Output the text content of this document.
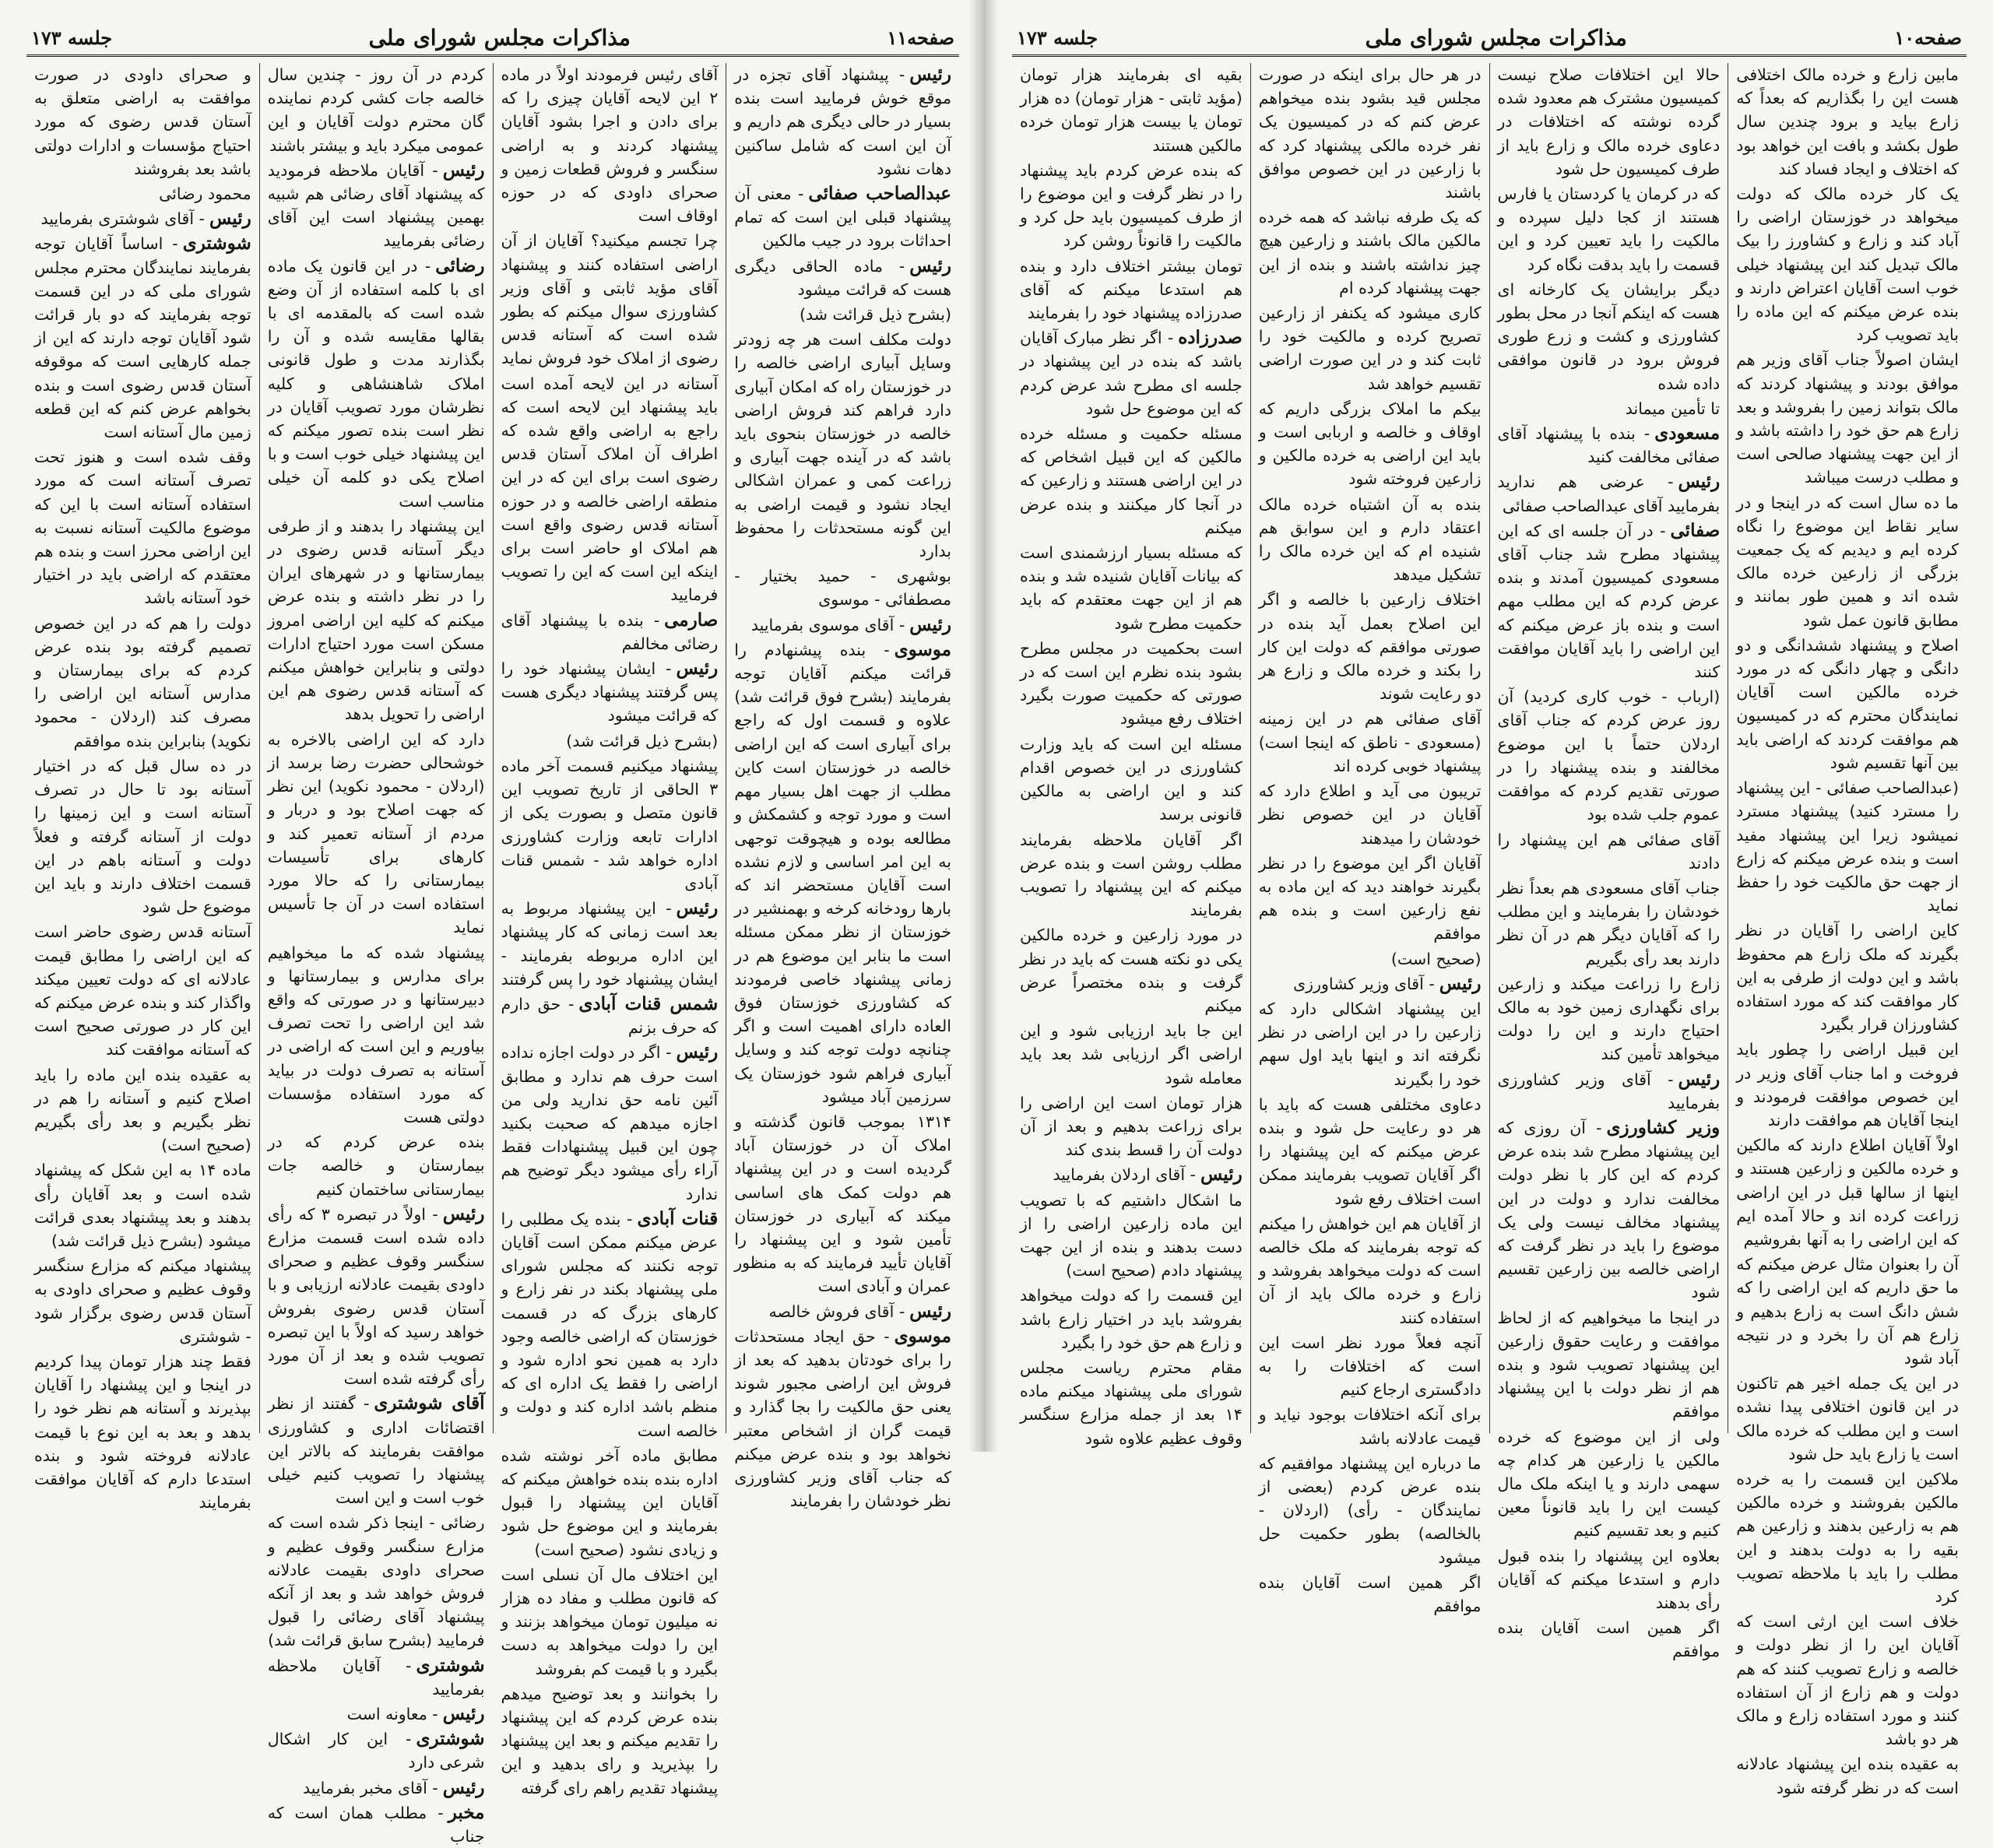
صفحه۱۱
مذاکرات مجلس شورای ملی
جلسه ۱۷۳

رئیس- پیشنهاد آقای تجزه در موقع خوش فرمایید است بنده بسیار در حالی دیگری هم داریم و آن این است که شامل ساکنین دهات نشود

عبدالصاحب صفائی- معنی آن پیشنهاد قبلی این است که تمام احداثات برود در جیب مالکین

رئیس- ماده الحاقی دیگری هست که قرائت میشود

(بشرح ذیل قرائت شد)

دولت مکلف است هر چه زودتر وسایل آبیاری اراضی خالصه را در خوزستان راه که امکان آبیاری دارد فراهم کند فروش اراضی خالصه در خوزستان بنحوی باید باشد که در آینده جهت آبیاری و زراعت کمی و عمران اشکالی ایجاد نشود و قیمت اراضی به این گونه مستحدثات را محفوظ بدارد

بوشهری - حمید بختیار - مصطفائی - موسوی

رئیس- آقای موسوی بفرمایید

موسوی- بنده پیشنهادم را قرائت میکنم آقایان توجه بفرمایند (بشرح فوق قرائت شد) علاوه و قسمت اول که راجع برای آبیاری است که این اراضی خالصه در خوزستان است کاین مطلب از جهت اهل بسیار مهم است و مورد توجه و کشمکش و مطالعه بوده و هیچوقت توجهی به این امر اساسی و لازم نشده است آقایان مستحضر اند که بارها رودخانه کرخه و بهمنشیر در خوزستان از نظر ممکن مسئله است ما بنابر این موضوع هم در زمانی پیشنهاد خاصی فرمودند که کشاورزی خوزستان فوق العاده دارای اهمیت است و اگر چنانچه دولت توجه کند و وسایل آبیاری فراهم شود خوزستان یک سرزمین آباد میشود

۱۳۱۴ بموجب قانون گذشته و املاک آن در خوزستان آباد گردیده است و در این پیشنهاد هم دولت کمک های اساسی میکند که آبیاری در خوزستان تأمین شود و این پیشنهاد را آقایان تأیید فرمایند که به منظور عمران و آبادی است

رئیس- آقای فروش خالصه

موسوی- حق ایجاد مستحدثات را برای خودتان بدهید که بعد از فروش این اراضی مجبور شوند یعنی حق مالکیت را بجا گذارد و قیمت گران از اشخاص معتبر نخواهد بود و بنده عرض میکنم که جناب آقای وزیر کشاورزی نظر خودشان را بفرمایند

آقای رئیس فرمودند اولاً در ماده ۲ این لایحه آقایان چیزی را که برای دادن و اجرا بشود آقایان پیشنهاد کردند و به اراضی سنگسر و فروش قطعات زمین و صحرای داودی که در حوزه اوقاف است

چرا تجسم میکنید؟ آقایان از آن اراضی استفاده کنند و پیشنهاد آقای مؤید ثابتی و آقای وزیر کشاورزی سوال میکنم که بطور شده است که آستانه قدس رضوی از املاک خود فروش نماید

آستانه در این لایحه آمده است باید پیشنهاد این لایحه است که راجع به اراضی واقع شده که اطراف آن املاک آستان قدس رضوی است برای این که در این منطقه اراضی خالصه و در حوزه آستانه قدس رضوی واقع است هم املاک او حاضر است برای اینکه این است که این را تصویب فرمایید

صارمی- بنده با پیشنهاد آقای رضائی مخالفم

رئیس- ایشان پیشنهاد خود را پس گرفتند پیشنهاد دیگری هست که قرائت میشود

(بشرح ذیل قرائت شد)

پیشنهاد میکنیم قسمت آخر ماده ۳ الحاقی از تاریخ تصویب این قانون متصل و بصورت یکی از ادارات تابعه وزارت کشاورزی اداره خواهد شد - شمس قنات آبادی

رئیس- این پیشنهاد مربوط به بعد است زمانی که کار پیشنهاد این اداره مربوطه بفرمایند - ایشان پیشنهاد خود را پس گرفتند

شمس قنات آبادی- حق دارم که حرف بزنم

رئیس- اگر در دولت اجازه نداده است حرف هم ندارد و مطابق آئین نامه حق ندارید ولی من اجازه میدهم که صحبت بکنید چون این قبیل پیشنهادات فقط آراء رأی میشود دیگر توضیح هم ندارد

قنات آبادی- بنده یک مطلبی را عرض میکنم ممکن است آقایان توجه نکنند که مجلس شورای ملی پیشنهاد بکند در نفر زارع و کارهای بزرگ که در قسمت خوزستان که اراضی خالصه وجود دارد به همین نحو اداره شود و اراضی را فقط یک اداره ای که منظم باشد اداره کند و دولت و خالصه است

مطابق ماده آخر نوشته شده اداره بنده بنده خواهش میکنم که آقایان این پیشنهاد را قبول بفرمایند و این موضوع حل شود و زیادی نشود (صحیح است)

این اختلاف مال آن نسلی است که قانون مطلب و مفاد ده هزار نه میلیون تومان میخواهد بزنند و این را دولت میخواهد به دست بگیرد و با قیمت کم بفروشد

را بخوانند و بعد توضیح میدهم بنده عرض کردم که این پیشنهاد را تقدیم میکنم و بعد این پیشنهاد را بپذیرید و رای بدهید و این پیشنهاد تقدیم راهم رای گرفته

کردم در آن روز - چندین سال خالصه جات کشی کردم نماینده گان محترم دولت آقایان و این عمومی میکرد باید و بیشتر باشند

رئیس- آقایان ملاحظه فرمودید که پیشنهاد آقای رضائی هم شبیه بهمین پیشنهاد است این آقای رضائی بفرمایید

رضائی- در این قانون یک ماده ای با کلمه استفاده از آن وضع شده است که بالمقدمه ای با بقالها مقایسه شده و آن را بگذارند مدت و طول قانونی املاک شاهنشاهی و کلیه نظرشان مورد تصویب آقایان در نظر است بنده تصور میکنم که این پیشنهاد خیلی خوب است و با اصلاح یکی دو کلمه آن خیلی مناسب است

این پیشنهاد را بدهند و از طرفی دیگر آستانه قدس رضوی در بیمارستانها و در شهرهای ایران را در نظر داشته و بنده عرض میکنم که کلیه این اراضی امروز مسکن است مورد احتیاج ادارات دولتی و بنابراین خواهش میکنم که آستانه قدس رضوی هم این اراضی را تحویل بدهد

دارد که این اراضی بالاخره به خوشحالی حضرت رضا برسد از (اردلان - محمود نکوید) این نظر که جهت اصلاح بود و دربار و مردم از آستانه تعمیر کند و کارهای برای تأسیسات بیمارستانی را که حالا مورد استفاده است در آن جا تأسیس نماید

پیشنهاد شده که ما میخواهیم برای مدارس و بیمارستانها و دبیرستانها و در صورتی که واقع شد این اراضی را تحت تصرف بیاوریم و این است که اراضی در آستانه به تصرف دولت در بیاید که مورد استفاده مؤسسات دولتی هست

بنده عرض کردم که در بیمارستان و خالصه جات بیمارستانی ساختمان کنیم

رئیس- اولاً در تبصره ۳ که رأی داده شده است قسمت مزارع سنگسر وقوف عظیم و صحرای داودی بقیمت عادلانه ارزیابی و با آستان قدس رضوی بفروش خواهد رسید که اولاً با این تبصره تصویب شده و بعد از آن مورد رأی گرفته شده است

آقای شوشتری- گفتند از نظر اقتضائات اداری و کشاورزی موافقت بفرمایند که بالاتر این پیشنهاد را تصویب کنیم خیلی خوب است و این است

رضائی - اینجا ذکر شده است که مزارع سنگسر وقوف عظیم و صحرای داودی بقیمت عادلانه فروش خواهد شد و بعد از آنکه پیشنهاد آقای رضائی را قبول فرمایید (بشرح سابق قرائت شد)

شوشتری- آقایان ملاحظه بفرمایید

رئیس- معاونه است

شوشتری- این کار اشکال شرعی دارد

رئیس- آقای مخبر بفرمایید

مخبر- مطلب همان است که جناب

و صحرای داودی در صورت موافقت به اراضی متعلق به آستان قدس رضوی که مورد احتیاج مؤسسات و ادارات دولتی باشد بعد بفروشند

محمود رضائی

رئیس- آقای شوشتری بفرمایید

شوشتری- اساساً آقایان توجه بفرمایند نمایندگان محترم مجلس شورای ملی که در این قسمت توجه بفرمایند که دو بار قرائت شود آقایان توجه دارند که این از جمله کارهایی است که موقوفه آستان قدس رضوی است و بنده بخواهم عرض کنم که این قطعه زمین مال آستانه است

وقف شده است و هنوز تحت تصرف آستانه است که مورد استفاده آستانه است با این که موضوع مالکیت آستانه نسبت به این اراضی محرز است و بنده هم معتقدم که اراضی باید در اختیار خود آستانه باشد

دولت را هم که در این خصوص تصمیم گرفته بود بنده عرض کردم که برای بیمارستان و مدارس آستانه این اراضی را مصرف کند (اردلان - محمود نکوید) بنابراین بنده موافقم

در ده سال قبل که در اختیار آستانه بود تا حال در تصرف آستانه است و این زمینها را دولت از آستانه گرفته و فعلاً دولت و آستانه باهم در این قسمت اختلاف دارند و باید این موضوع حل شود

آستانه قدس رضوی حاضر است که این اراضی را مطابق قیمت عادلانه ای که دولت تعیین میکند واگذار کند و بنده عرض میکنم که این کار در صورتی صحیح است که آستانه موافقت کند

به عقیده بنده این ماده را باید اصلاح کنیم و آستانه را هم در نظر بگیریم و بعد رأی بگیریم (صحیح است)

ماده ۱۴ به این شکل که پیشنهاد شده است و بعد آقایان رأی بدهند و بعد پیشنهاد بعدی قرائت میشود (بشرح ذیل قرائت شد)

پیشنهاد میکنم که مزارع سنگسر وقوف عظیم و صحرای داودی به آستان قدس رضوی برگزار شود - شوشتری

فقط چند هزار تومان پیدا کردیم در اینجا و این پیشنهاد را آقایان بپذیرند و آستانه هم نظر خود را بدهد و بعد به این نوع با قیمت عادلانه فروخته شود و بنده استدعا دارم که آقایان موافقت بفرمایند

صفحه۱۰
مذاکرات مجلس شورای ملی
جلسه ۱۷۳

مابین زارع و خرده مالک اختلافی هست این را بگذاریم که بعداً که زارع بیاید و برود چندین سال طول بکشد و بافت این خواهد بود که اختلاف و ایجاد فساد کند

یک کار خرده مالک که دولت میخواهد در خوزستان اراضی را آباد کند و زارع و کشاورز را بیک مالک تبدیل کند این پیشنهاد خیلی خوب است آقایان اعتراض دارند و بنده عرض میکنم که این ماده را باید تصویب کرد

ایشان اصولاً جناب آقای وزیر هم موافق بودند و پیشنهاد کردند که مالک بتواند زمین را بفروشد و بعد زارع هم حق خود را داشته باشد و از این جهت پیشنهاد صالحی است و مطلب درست میباشد

ما ده سال است که در اینجا و در سایر نقاط این موضوع را نگاه کرده ایم و دیدیم که یک جمعیت بزرگی از زارعین خرده مالک شده اند و همین طور بمانند و مطابق قانون عمل شود

اصلاح و پیشنهاد ششدانگی و دو دانگی و چهار دانگی که در مورد خرده مالکین است آقایان نمایندگان محترم که در کمیسیون هم موافقت کردند که اراضی باید بین آنها تقسیم شود

(عبدالصاحب صفائی - این پیشنهاد را مسترد کنید) پیشنهاد مسترد نمیشود زیرا این پیشنهاد مفید است و بنده عرض میکنم که زارع از جهت حق مالکیت خود را حفظ نماید

کاین اراضی را آقایان در نظر بگیرند که ملک زارع هم محفوظ باشد و این دولت از طرفی به این کار موافقت کند که مورد استفاده کشاورزان قرار بگیرد

این قبیل اراضی را چطور باید فروخت و اما جناب آقای وزیر در این خصوص موافقت فرمودند و اینجا آقایان هم موافقت دارند

اولاً آقایان اطلاع دارند که مالکین و خرده مالکین و زارعین هستند و اینها از سالها قبل در این اراضی زراعت کرده اند و حالا آمده ایم که این اراضی را به آنها بفروشیم

آن را بعنوان مثال عرض میکنم که ما حق داریم که این اراضی را که شش دانگ است به زارع بدهیم و زارع هم آن را بخرد و در نتیجه آباد شود

در این یک جمله اخیر هم تاکنون در این قانون اختلافی پیدا نشده است و این مطلب که خرده مالک است یا زارع باید حل شود

ملاکین این قسمت را به خرده مالکین بفروشند و خرده مالکین هم به زارعین بدهند و زارعین هم بقیه را به دولت بدهند و این مطلب را باید با ملاحظه تصویب کرد

خلاف است این ارثی است که آقایان این را از نظر دولت و خالصه و زارع تصویب کنند که هم دولت و هم زارع از آن استفاده کنند و مورد استفاده زارع و مالک هر دو باشد

به عقیده بنده این پیشنهاد عادلانه است که در نظر گرفته شود

حالا این اختلافات صلاح نیست کمیسیون مشترک هم معدود شده گرده نوشته که اختلافات در دعاوی خرده مالک و زارع باید از طرف کمیسیون حل شود

که در کرمان یا کردستان یا فارس هستند از کجا دلیل سپرده و مالکیت را باید تعیین کرد و این قسمت را باید بدقت نگاه کرد

دیگر برایشان یک کارخانه ای هست که اینکم آنجا در محل بطور کشاورزی و کشت و زرع طوری فروش برود در قانون موافقی داده شده

تا تأمین میماند

مسعودی- بنده با پیشنهاد آقای صفائی مخالفت کنید

رئیس- عرضی هم ندارید بفرمایید آقای عبدالصاحب صفائی

صفائی- در آن جلسه ای که این پیشنهاد مطرح شد جناب آقای مسعودی کمیسیون آمدند و بنده عرض کردم که این مطلب مهم است و بنده باز عرض میکنم که این اراضی را باید آقایان موافقت کنند

(ارباب - خوب کاری کردید) آن روز عرض کردم که جناب آقای اردلان حتماً با این موضوع مخالفند و بنده پیشنهاد را در صورتی تقدیم کردم که موافقت عموم جلب شده بود

آقای صفائی هم این پیشنهاد را دادند

جناب آقای مسعودی هم بعداً نظر خودشان را بفرمایند و این مطلب را که آقایان دیگر هم در آن نظر دارند بعد رأی بگیریم

زارع را زراعت میکند و زارعین برای نگهداری زمین خود به مالک احتیاج دارند و این را دولت میخواهد تأمین کند

رئیس- آقای وزیر کشاورزی بفرمایید

وزیر کشاورزی- آن روزی که این پیشنهاد مطرح شد بنده عرض کردم که این کار با نظر دولت مخالفت ندارد و دولت در این پیشنهاد مخالف نیست ولی یک موضوع را باید در نظر گرفت که اراضی خالصه بین زارعین تقسیم شود

در اینجا ما میخواهیم که از لحاظ موافقت و رعایت حقوق زارعین این پیشنهاد تصویب شود و بنده هم از نظر دولت با این پیشنهاد موافقم

ولی از این موضوع که خرده مالکین یا زارعین هر کدام چه سهمی دارند و یا اینکه ملک مال کیست این را باید قانوناً معین کنیم و بعد تقسیم کنیم

بعلاوه این پیشنهاد را بنده قبول دارم و استدعا میکنم که آقایان رأی بدهند

اگر همین است آقایان بنده موافقم

در هر حال برای اینکه در صورت مجلس قید بشود بنده میخواهم عرض کنم که در کمیسیون یک نفر خرده مالکی پیشنهاد کرد که با زارعین در این خصوص موافق باشند

که یک طرفه نباشد که همه خرده مالکین مالک باشند و زارعین هیچ چیز نداشته باشند و بنده از این جهت پیشنهاد کرده ام

کاری میشود که یکنفر از زارعین تصریح کرده و مالکیت خود را ثابت کند و در این صورت اراضی تقسیم خواهد شد

بیکم ما املاک بزرگی داریم که اوقاف و خالصه و اربابی است و باید این اراضی به خرده مالکین و زارعین فروخته شود

بنده به آن اشتباه خرده مالک اعتقاد دارم و این سوابق هم شنیده ام که این خرده مالک را تشکیل میدهد

اختلاف زارعین با خالصه و اگر این اصلاح بعمل آید بنده در صورتی موافقم که دولت این کار را بکند و خرده مالک و زارع هر دو رعایت شوند

آقای صفائی هم در این زمینه (مسعودی - ناطق که اینجا است) پیشنهاد خوبی کرده اند

تریبون می آید و اطلاع دارد که آقایان در این خصوص نظر خودشان را میدهند

آقایان اگر این موضوع را در نظر بگیرند خواهند دید که این ماده به نفع زارعین است و بنده هم موافقم

(صحیح است)

رئیس- آقای وزیر کشاورزی

این پیشنهاد اشکالی دارد که زارعین را در این اراضی در نظر نگرفته اند و اینها باید اول سهم خود را بگیرند

دعاوی مختلفی هست که باید با هر دو رعایت حل شود و بنده عرض میکنم که این پیشنهاد را اگر آقایان تصویب بفرمایند ممکن است اختلاف رفع شود

از آقایان هم این خواهش را میکنم که توجه بفرمایند که ملک خالصه است که دولت میخواهد بفروشد و زارع و خرده مالک باید از آن استفاده کنند

آنچه فعلاً مورد نظر است این است که اختلافات را به دادگستری ارجاع کنیم

برای آنکه اختلافات بوجود نیاید و قیمت عادلانه باشد

ما درباره این پیشنهاد موافقیم که بنده عرض کردم (بعضی از نمایندگان - رأی) (اردلان - بالخالصه) بطور حکمیت حل میشود

اگر همین است آقایان بنده موافقم

بقیه ای بفرمایند هزار تومان (مؤید ثابتی - هزار تومان) ده هزار تومان یا بیست هزار تومان خرده مالکین هستند

که بنده عرض کردم باید پیشنهاد را در نظر گرفت و این موضوع را از طرف کمیسیون باید حل کرد و مالکیت را قانوناً روشن کرد

تومان بیشتر اختلاف دارد و بنده هم استدعا میکنم که آقای صدرزاده پیشنهاد خود را بفرمایند

صدرزاده- اگر نظر مبارک آقایان باشد که بنده در این پیشنهاد در جلسه ای مطرح شد عرض کردم که این موضوع حل شود

مسئله حکمیت و مسئله خرده مالکین که این قبیل اشخاص که در این اراضی هستند و زارعین که در آنجا کار میکنند و بنده عرض میکنم

که مسئله بسیار ارزشمندی است که بیانات آقایان شنیده شد و بنده هم از این جهت معتقدم که باید حکمیت مطرح شود

است بحکمیت در مجلس مطرح بشود بنده نظرم این است که در صورتی که حکمیت صورت بگیرد اختلاف رفع میشود

مسئله این است که باید وزارت کشاورزی در این خصوص اقدام کند و این اراضی به مالکین قانونی برسد

اگر آقایان ملاحظه بفرمایند مطلب روشن است و بنده عرض میکنم که این پیشنهاد را تصویب بفرمایند

در مورد زارعین و خرده مالکین یکی دو نکته هست که باید در نظر گرفت و بنده مختصراً عرض میکنم

این جا باید ارزیابی شود و این اراضی اگر ارزیابی شد بعد باید معامله شود

هزار تومان است این اراضی را برای زراعت بدهیم و بعد از آن دولت آن را قسط بندی کند

رئیس- آقای اردلان بفرمایید

ما اشکال داشتیم که با تصویب این ماده زارعین اراضی را از دست بدهند و بنده از این جهت پیشنهاد دادم (صحیح است)

این قسمت را که دولت میخواهد بفروشد باید در اختیار زارع باشد و زارع هم حق خود را بگیرد

مقام محترم ریاست مجلس شورای ملی پیشنهاد میکنم ماده ۱۴ بعد از جمله مزارع سنگسر وقوف عظیم علاوه شود
